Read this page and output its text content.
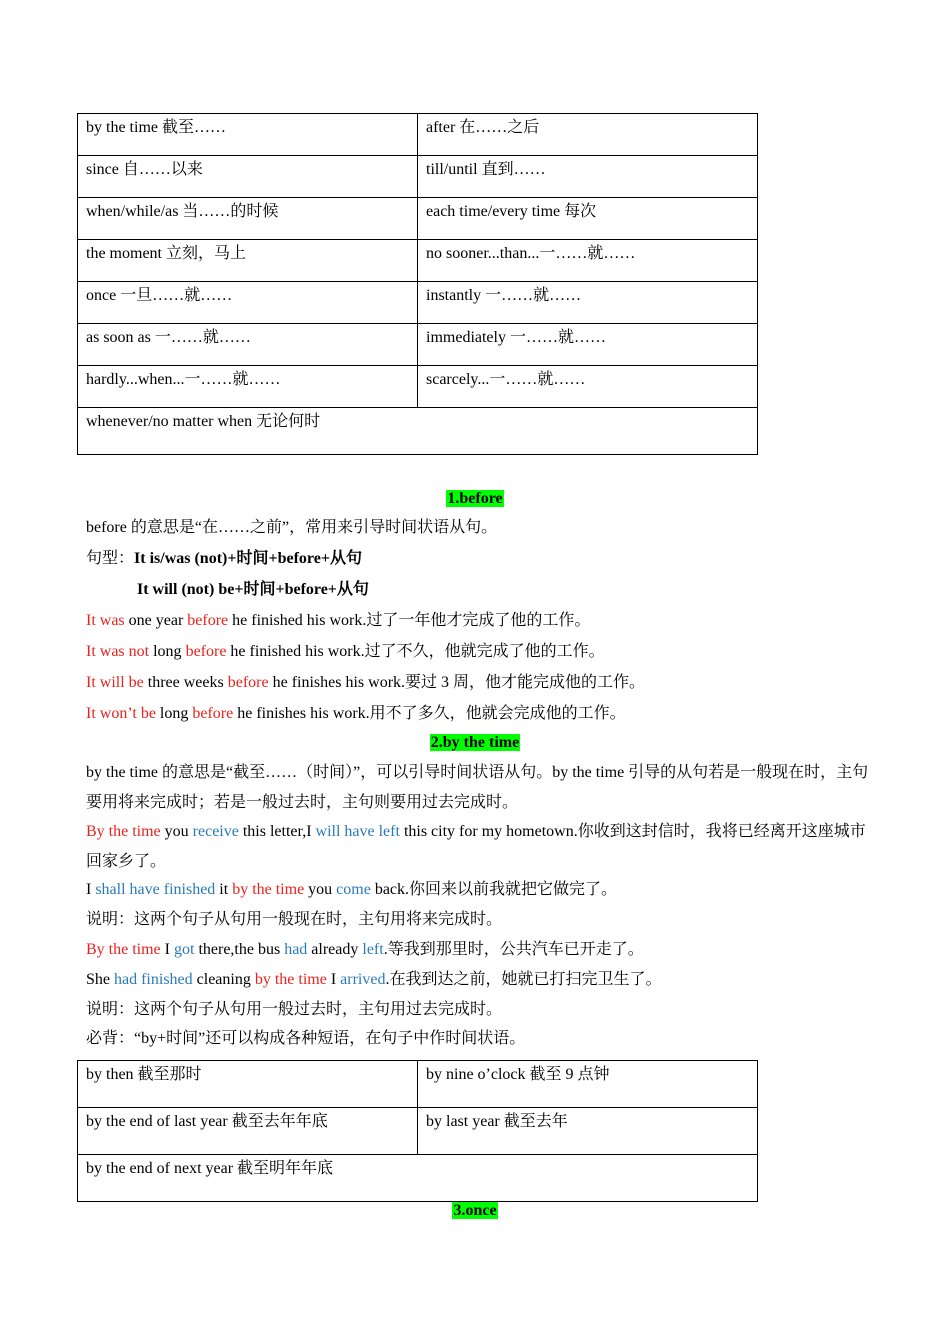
by the time 截至……	after 在……之后
since 自……以来	till/until 直到……
when/while/as 当……的时候	each time/every time 每次
the moment 立刻，马上	no sooner...than...一……就……
once 一旦……就……	instantly 一……就……
as soon as 一……就……	immediately 一……就……
hardly...when...一……就……	scarcely...一……就……
whenever/no matter when 无论何时	
1.before
before 的意思是“在……之前”，常用来引导时间状语从句。
句型：It is/was (not)+时间+before+从句
It will (not) be+时间+before+从句
It was one year before he finished his work.过了一年他才完成了他的工作。
It was not long before he finished his work.过了不久，他就完成了他的工作。
It will be three weeks before he finishes his work.要过 3 周，他才能完成他的工作。
It won’t be long before he finishes his work.用不了多久，他就会完成他的工作。
2.by the time
by the time 的意思是“截至……（时间）”，可以引导时间状语从句。by the time 引导的从句若是一般现在时，主句要用将来完成时；若是一般过去时，主句则要用过去完成时。
By the time you receive this letter,I will have left this city for my hometown.你收到这封信时，我将已经离开这座城市回家乡了。
I shall have finished it by the time you come back.你回来以前我就把它做完了。
说明：这两个句子从句用一般现在时，主句用将来完成时。
By the time I got there,the bus had already left.等我到那里时，公共汽车已开走了。
She had finished cleaning by the time I arrived.在我到达之前，她就已打扫完卫生了。
说明：这两个句子从句用一般过去时，主句用过去完成时。
必背：“by+时间”还可以构成各种短语，在句子中作时间状语。
by then 截至那时	by nine o’clock 截至 9 点钟
by the end of last year 截至去年年底	by last year 截至去年
by the end of next year 截至明年年底	
3.once
